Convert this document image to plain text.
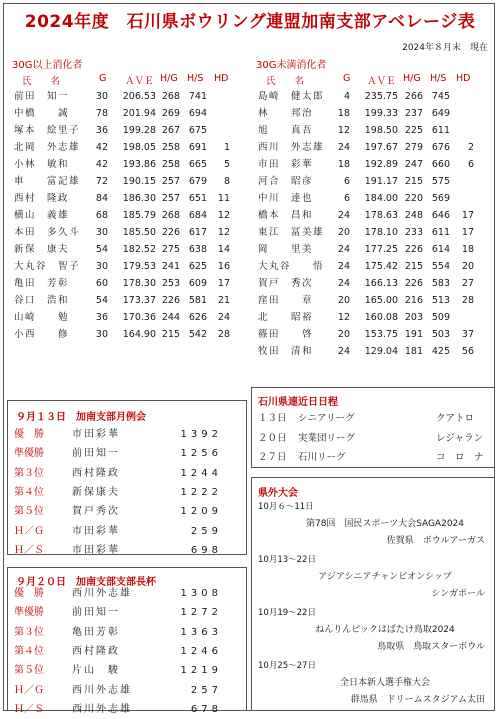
2024年度　石川県ボウリング連盟加南支部アベレージ表
2024年８月末　現在
30G以上消化者
氏　　名	G ＡＶＥ H/G H/S HD
前田　知一	30	206.53 268 741
中橋　　誠	78	201.94 269 694
塚本　絵里子	36	199.28 267 675
北岡　外志雄	42	198.05 258 691	1
小林　敏和	42	193.86 258 665	5
車　　富記雄	72	190.15 257 679	8
西村　隆政	84	186.30 257 651	11
横山　義雄	68	185.79 268 684	12
本田　多久斗	30	185.50 226 617	12
新保　康夫	54	182.52 275 638	14
大丸谷　智子	30	179.53 241 625	16
亀田　芳彰	60	178.30 253 609	17
谷口　浩和	54	173.37 226 581	21
山崎　　勉	36	170.36 244 626	24
小西　　修	30	164.90 215 542	28
30G未満消化者
氏　　名	G ＡＶＥ H/G H/S HD
島崎　健太郎	4	235.75 266 745
林　　邦治	18	199.33 237 649
旭　　真吾	12	198.50 225 611
西川　外志雄	24	197.67 279 676	2
市田　彩華	18	192.89 247 660	6
河合　昭彦	6	191.17 215 575
中川　達也	6	184.00 220 569
橋本　昌和	24	178.63 248 646	17
東江　冨美雄	20	178.10 233 611	17
岡　　里美	24	177.25 226 614	18
大丸谷　　悟	24	175.42 215 554	20
賀戸　秀次	24	166.13 226 583	27
窪田　　章	20	165.00 216 513	28
北　　昭裕	12	160.08 203 509
篠田　　啓	20	153.75 191 503	37
牧田　清和	24	129.04 181 425	56
９月１３日　加南支部月例会
優　勝	市田彩華	1392
準優勝	前田知一	1256
第３位	西村隆政	1244
第４位	新保康夫	1222
第５位	賀戸秀次	1209
Ｈ／Ｇ	市田彩華	259
Ｈ／Ｓ	市田彩華	698
９月２０日　加南支部支部長杯
優　勝	西川外志雄	1308
準優勝	前田知一	1272
第３位	亀田芳彰	1363
第４位	西村隆政	1246
第５位	片山　駿	1219
Ｈ／Ｇ	西川外志雄	257
Ｈ／Ｓ	西川外志雄	678
石川県連近日日程
１３日 シニアリーグ	クアトロ
２０日 実業団リーグ	レジャラン
２７日 石川リーグ	コ　ロ　ナ
県外大会
10月６～11日
第78回　国民スポーツ大会SAGA2024
佐賀県　ボウルアーガス
10月13～22日
アジアシニアチャンピオンシップ
シンガポール
10月19～22日
ねんりんピックはばたけ鳥取2024
鳥取県　鳥取スターボウル
10月25～27日
全日本新人選手権大会
群馬県　ドリームスタジアム太田
